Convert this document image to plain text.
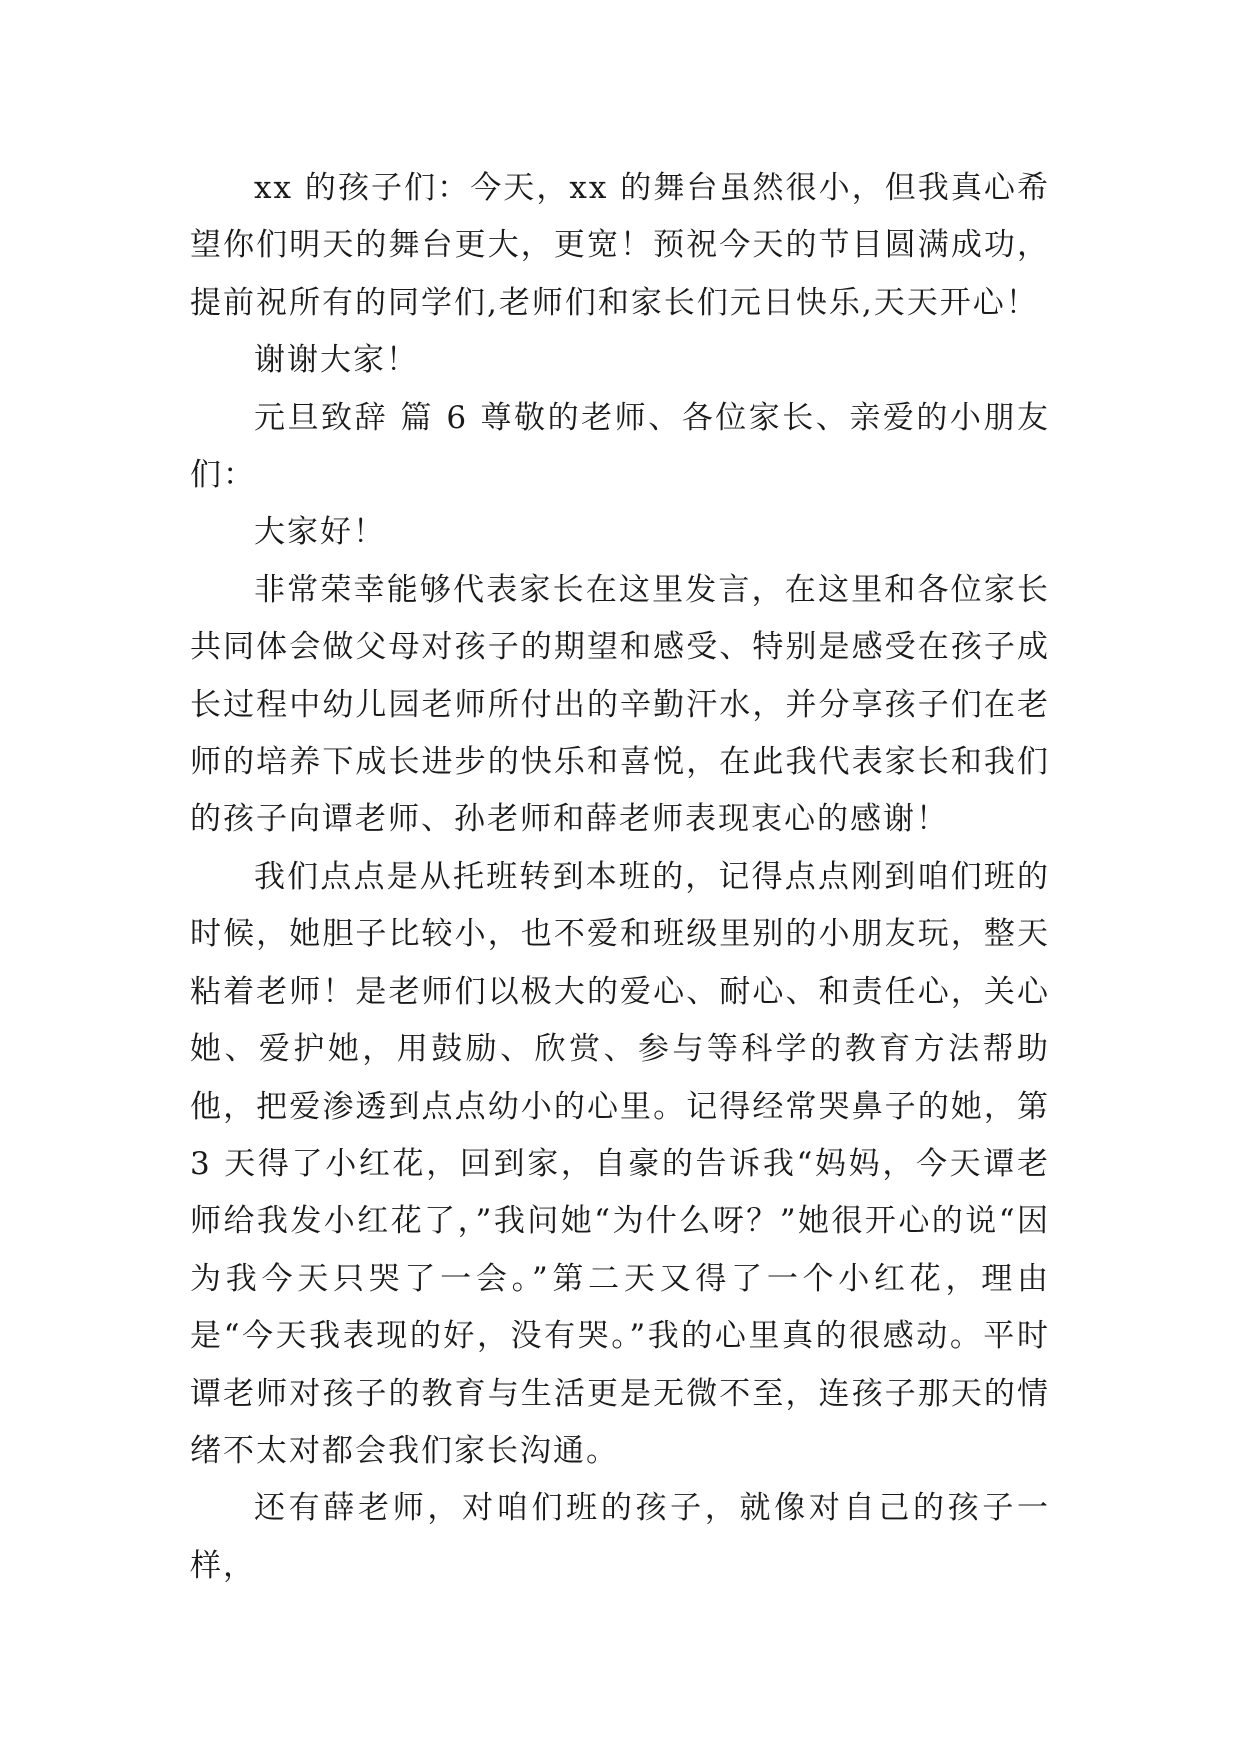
xx 的孩子们：今天，xx 的舞台虽然很小，但我真心希望你们明天的舞台更大，更宽！预祝今天的节目圆满成功，提前祝所有的同学们,老师们和家长们元日快乐,天天开心！

谢谢大家！

元旦致辞 篇 6 尊敬的老师、各位家长、亲爱的小朋友们：

大家好！

非常荣幸能够代表家长在这里发言，在这里和各位家长共同体会做父母对孩子的期望和感受、特别是感受在孩子成长过程中幼儿园老师所付出的辛勤汗水，并分享孩子们在老师的培养下成长进步的快乐和喜悦，在此我代表家长和我们的孩子向谭老师、孙老师和薛老师表现衷心的感谢！

我们点点是从托班转到本班的，记得点点刚到咱们班的时候，她胆子比较小，也不爱和班级里别的小朋友玩，整天粘着老师！是老师们以极大的爱心、耐心、和责任心，关心她、爱护她，用鼓励、欣赏、参与等科学的教育方法帮助他，把爱渗透到点点幼小的心里。记得经常哭鼻子的她，第 3 天得了小红花，回到家，自豪的告诉我“妈妈，今天谭老师给我发小红花了，”我问她“为什么呀？”她很开心的说“因为我今天只哭了一会。”第二天又得了一个小红花，理由是“今天我表现的好，没有哭。”我的心里真的很感动。平时谭老师对孩子的教育与生活更是无微不至，连孩子那天的情绪不太对都会我们家长沟通。

还有薛老师，对咱们班的孩子，就像对自己的孩子一样，
